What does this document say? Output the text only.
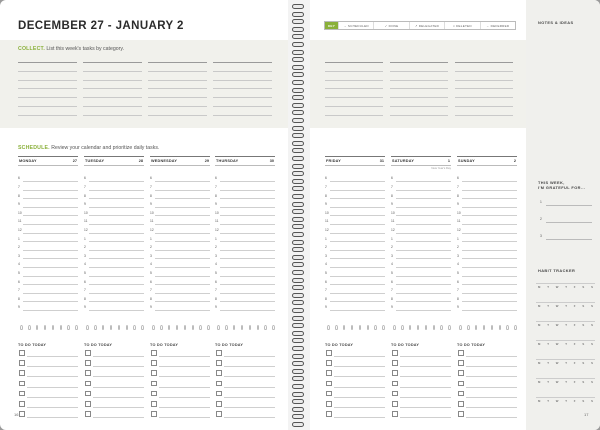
DECEMBER 27 - JANUARY 2
COLLECT. List this week's tasks by category.
SCHEDULE. Review your calendar and prioritize daily tasks.
16
KEY	→ SCHEDULED	✓ DONE	↗ DELEGATED	× DELETED	← DEFERRED
MONDAY	27
6
7
8
9
10
11
12
1
2
3
4
5
6
7
8
9
TO DO TODAY
TUESDAY	28
6
7
8
9
10
11
12
1
2
3
4
5
6
7
8
9
TO DO TODAY
WEDNESDAY	29
6
7
8
9
10
11
12
1
2
3
4
5
6
7
8
9
TO DO TODAY
THURSDAY	30
6
7
8
9
10
11
12
1
2
3
4
5
6
7
8
9
TO DO TODAY
FRIDAY	31
6
7
8
9
10
11
12
1
2
3
4
5
6
7
8
9
TO DO TODAY
SATURDAY	1
New Year's Day
6
7
8
9
10
11
12
1
2
3
4
5
6
7
8
9
TO DO TODAY
SUNDAY	2
6
7
8
9
10
11
12
1
2
3
4
5
6
7
8
9
TO DO TODAY
NOTES & IDEAS
THIS WEEK,
I'M GRATEFUL FOR...
1
2
3
HABIT TRACKER
M T W T F S S
M T W T F S S
M T W T F S S
M T W T F S S
M T W T F S S
M T W T F S S
M T W T F S S
17
